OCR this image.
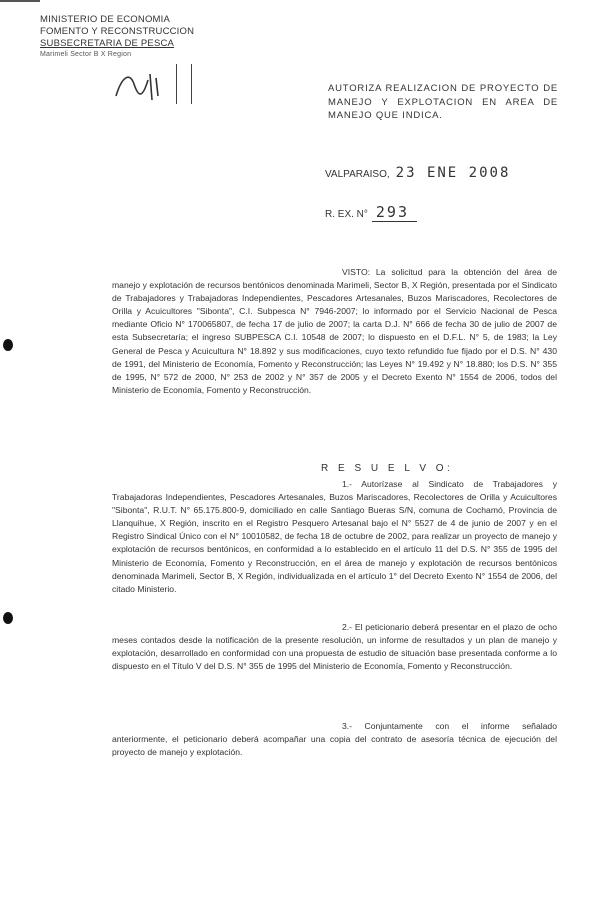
MINISTERIO DE ECONOMIA
FOMENTO Y RECONSTRUCCION
SUBSECRETARIA DE PESCA
Marimeli Sector B X Region
AUTORIZA REALIZACION DE PROYECTO DE MANEJO Y EXPLOTACION EN AREA DE MANEJO QUE INDICA.
VALPARAISO, 23 ENE 2008
R. EX. N° 293
VISTO: La solicitud para la obtención del área de manejo y explotación de recursos bentónicos denominada Marimeli, Sector B, X Región, presentada por el Sindicato de Trabajadores y Trabajadoras Independientes, Pescadores Artesanales, Buzos Mariscadores, Recolectores de Orilla y Acuicultores "Sibonta", C.I. Subpesca N° 7946-2007; lo informado por el Servicio Nacional de Pesca mediante Oficio N° 170065807, de fecha 17 de julio de 2007; la carta D.J. N° 666 de fecha 30 de julio de 2007 de esta Subsecretaría; el ingreso SUBPESCA C.I. 10548 de 2007; lo dispuesto en el D.F.L. N° 5, de 1983; la Ley General de Pesca y Acuicultura N° 18.892 y sus modificaciones, cuyo texto refundido fue fijado por el D.S. N° 430 de 1991, del Ministerio de Economía, Fomento y Reconstrucción; las Leyes N° 19.492 y N° 18.880; los D.S. N° 355 de 1995, N° 572 de 2000, N° 253 de 2002 y N° 357 de 2005 y el Decreto Exento N° 1554 de 2006, todos del Ministerio de Economía, Fomento y Reconstrucción.
R E S U E L V O:
1.- Autorízase al Sindicato de Trabajadores y Trabajadoras Independientes, Pescadores Artesanales, Buzos Mariscadores, Recolectores de Orilla y Acuicultores "Sibonta", R.U.T. N° 65.175.800-9, domiciliado en calle Santiago Bueras S/N, comuna de Cochamó, Provincia de Llanquihue, X Región, inscrito en el Registro Pesquero Artesanal bajo el N° 5527 de 4 de junio de 2007 y en el Registro Sindical Único con el N° 10010582, de fecha 18 de octubre de 2002, para realizar un proyecto de manejo y explotación de recursos bentónicos, en conformidad a lo establecido en el artículo 11 del D.S. N° 355 de 1995 del Ministerio de Economía, Fomento y Reconstrucción, en el área de manejo y explotación de recursos bentónicos denominada Marimeli, Sector B, X Región, individualizada en el artículo 1° del Decreto Exento N° 1554 de 2006, del citado Ministerio.
2.- El peticionario deberá presentar en el plazo de ocho meses contados desde la notificación de la presente resolución, un informe de resultados y un plan de manejo y explotación, desarrollado en conformidad con una propuesta de estudio de situación base presentada conforme a lo dispuesto en el Título V del D.S. N° 355 de 1995 del Ministerio de Economía, Fomento y Reconstrucción.
3.- Conjuntamente con el informe señalado anteriormente, el peticionario deberá acompañar una copia del contrato de asesoría técnica de ejecución del proyecto de manejo y explotación.
